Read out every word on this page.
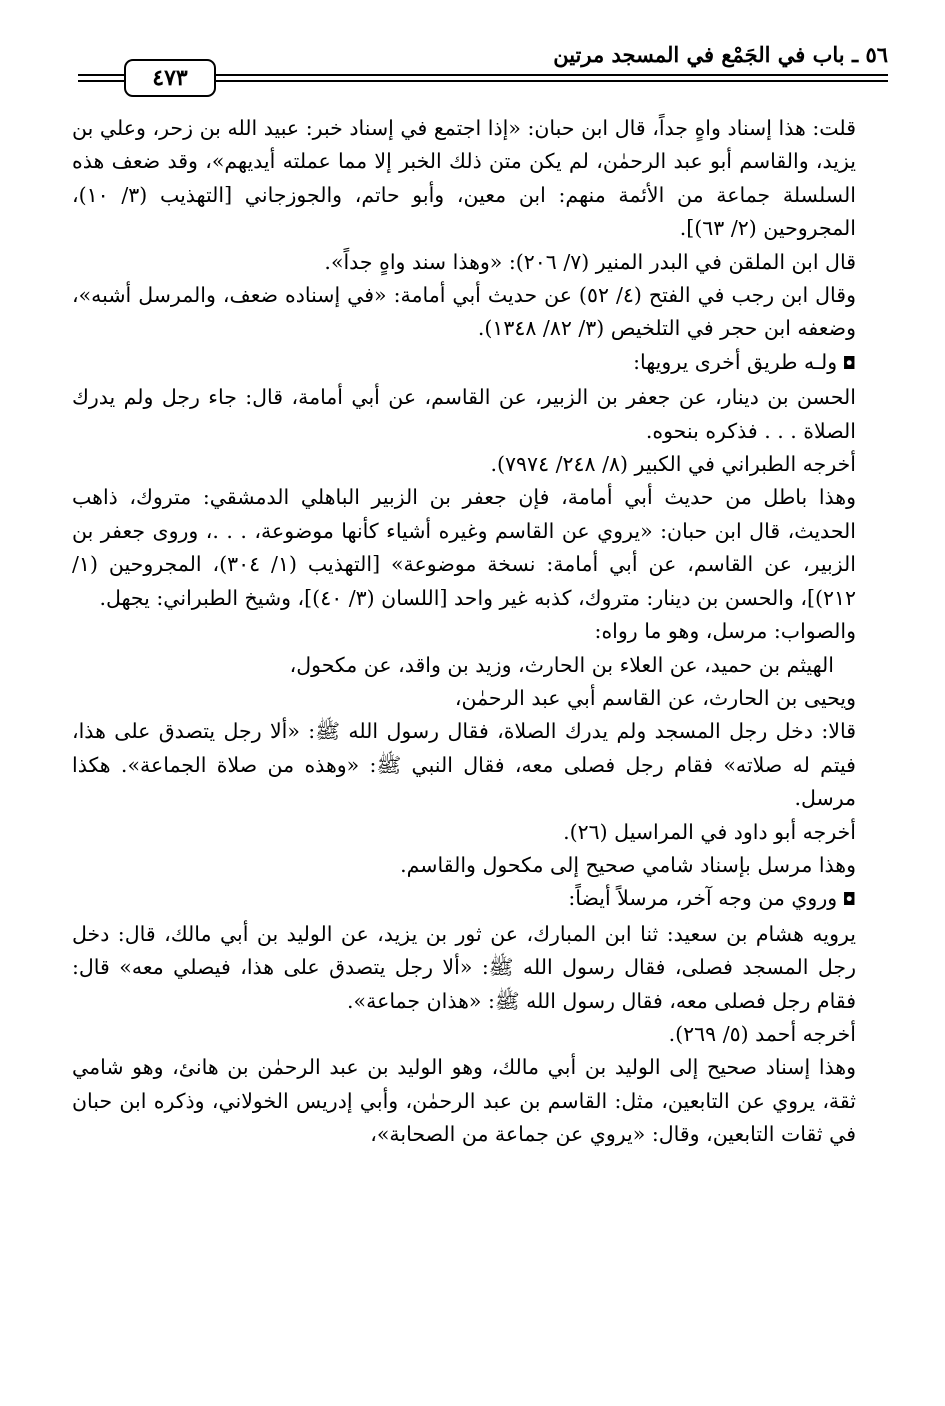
٥٦ ـ باب في الجَمْع في المسجد مرتين
٤٧٣

قلت: هذا إسناد واهٍ جداً، قال ابن حبان: «إذا اجتمع في إسناد خبر: عبيد الله بن زحر، وعلي بن يزيد، والقاسم أبو عبد الرحمٰن، لم يكن متن ذلك الخبر إلا مما عملته أيديهم»، وقد ضعف هذه السلسلة جماعة من الأئمة منهم: ابن معين، وأبو حاتم، والجوزجاني [التهذيب (٣/ ١٠)، المجروحين (٢/ ٦٣)].

قال ابن الملقن في البدر المنير (٧/ ٢٠٦): «وهذا سند واهٍ جداً».

وقال ابن رجب في الفتح (٤/ ٥٢) عن حديث أبي أمامة: «في إسناده ضعف، والمرسل أشبه»، وضعفه ابن حجر في التلخيص (٣/ ٨٢/ ١٣٤٨).

◘ ولـه طريق أخرى يرويها:

الحسن بن دينار، عن جعفر بن الزبير، عن القاسم، عن أبي أمامة، قال: جاء رجل ولم يدرك الصلاة . . . فذكره بنحوه.

أخرجه الطبراني في الكبير (٨/ ٢٤٨/ ٧٩٧٤).

وهذا باطل من حديث أبي أمامة، فإن جعفر بن الزبير الباهلي الدمشقي: متروك، ذاهب الحديث، قال ابن حبان: «يروي عن القاسم وغيره أشياء كأنها موضوعة، . . .، وروى جعفر بن الزبير، عن القاسم، عن أبي أمامة: نسخة موضوعة» [التهذيب (١/ ٣٠٤)، المجروحين (١/ ٢١٢)]، والحسن بن دينار: متروك، كذبه غير واحد [اللسان (٣/ ٤٠)]، وشيخ الطبراني: يجهل.

والصواب: مرسل، وهو ما رواه:

الهيثم بن حميد، عن العلاء بن الحارث، وزيد بن واقد، عن مكحول،

ويحيى بن الحارث، عن القاسم أبي عبد الرحمٰن،

قالا: دخل رجل المسجد ولم يدرك الصلاة، فقال رسول الله ﷺ: «ألا رجل يتصدق على هذا، فيتم له صلاته» فقام رجل فصلى معه، فقال النبي ﷺ: «وهذه من صلاة الجماعة». هكذا مرسل.

أخرجه أبو داود في المراسيل (٢٦).

وهذا مرسل بإسناد شامي صحيح إلى مكحول والقاسم.

◘ وروي من وجه آخر، مرسلاً أيضاً:

يرويه هشام بن سعيد: ثنا ابن المبارك، عن ثور بن يزيد، عن الوليد بن أبي مالك، قال: دخل رجل المسجد فصلى، فقال رسول الله ﷺ: «ألا رجل يتصدق على هذا، فيصلي معه» قال: فقام رجل فصلى معه، فقال رسول الله ﷺ: «هذان جماعة».

أخرجه أحمد (٥/ ٢٦٩).

وهذا إسناد صحيح إلى الوليد بن أبي مالك، وهو الوليد بن عبد الرحمٰن بن هانئ، وهو شامي ثقة، يروي عن التابعين، مثل: القاسم بن عبد الرحمٰن، وأبي إدريس الخولاني، وذكره ابن حبان في ثقات التابعين، وقال: «يروي عن جماعة من الصحابة»،
